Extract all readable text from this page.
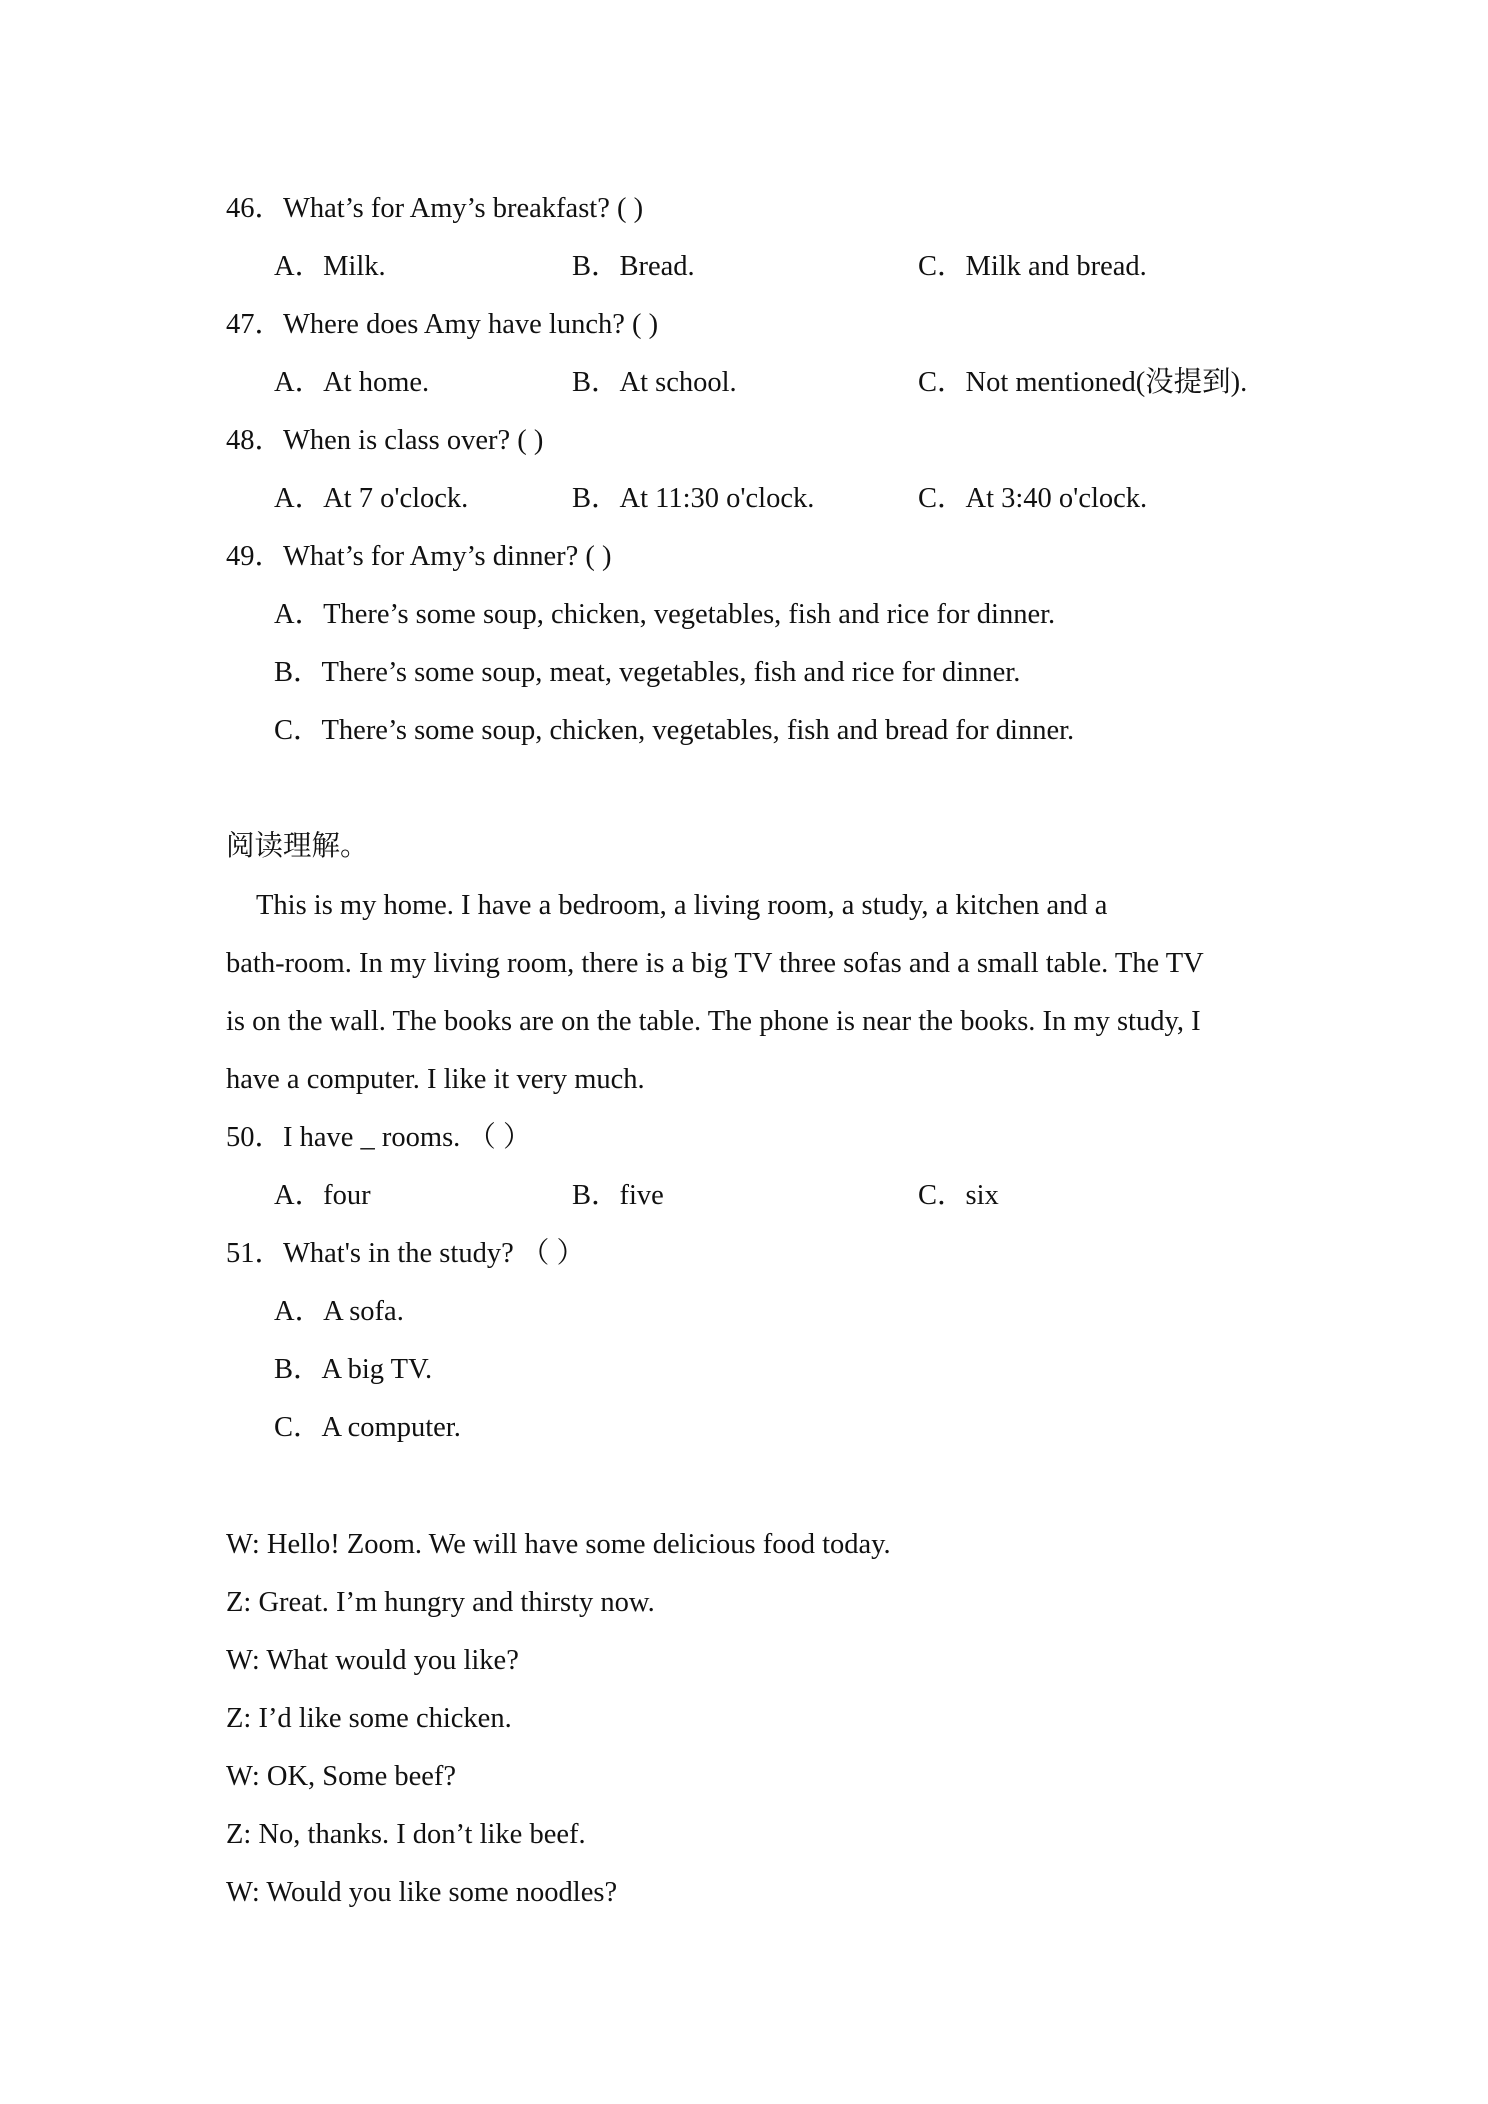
46．What’s for Amy’s breakfast? ( )
A．Milk.	B．Bread.	C．Milk and bread.
47．Where does Amy have lunch? ( )
A．At home.	B．At school.	C．Not mentioned(没提到).
48．When is class over? ( )
A．At 7 o'clock.	B．At 11:30 o'clock.	C．At 3:40 o'clock.
49．What’s for Amy’s dinner? ( )
A．There’s some soup, chicken, vegetables, fish and rice for dinner.
B．There’s some soup, meat, vegetables, fish and rice for dinner.
C．There’s some soup, chicken, vegetables, fish and bread for dinner.
阅读理解。
This is my home. I have a bedroom, a living room, a study, a kitchen and a
bath-room. In my living room, there is a big TV three sofas and a small table. The TV
is on the wall. The books are on the table. The phone is near the books. In my study, I
have a computer. I like it very much.
50．I have _ rooms. （ ）
A．four	B．five	C．six
51．What's in the study? （ ）
A．A sofa.
B．A big TV.
C．A computer.
W: Hello! Zoom. We will have some delicious food today.
Z: Great. I’m hungry and thirsty now.
W: What would you like?
Z: I’d like some chicken.
W: OK, Some beef?
Z: No, thanks. I don’t like beef.
W: Would you like some noodles?
